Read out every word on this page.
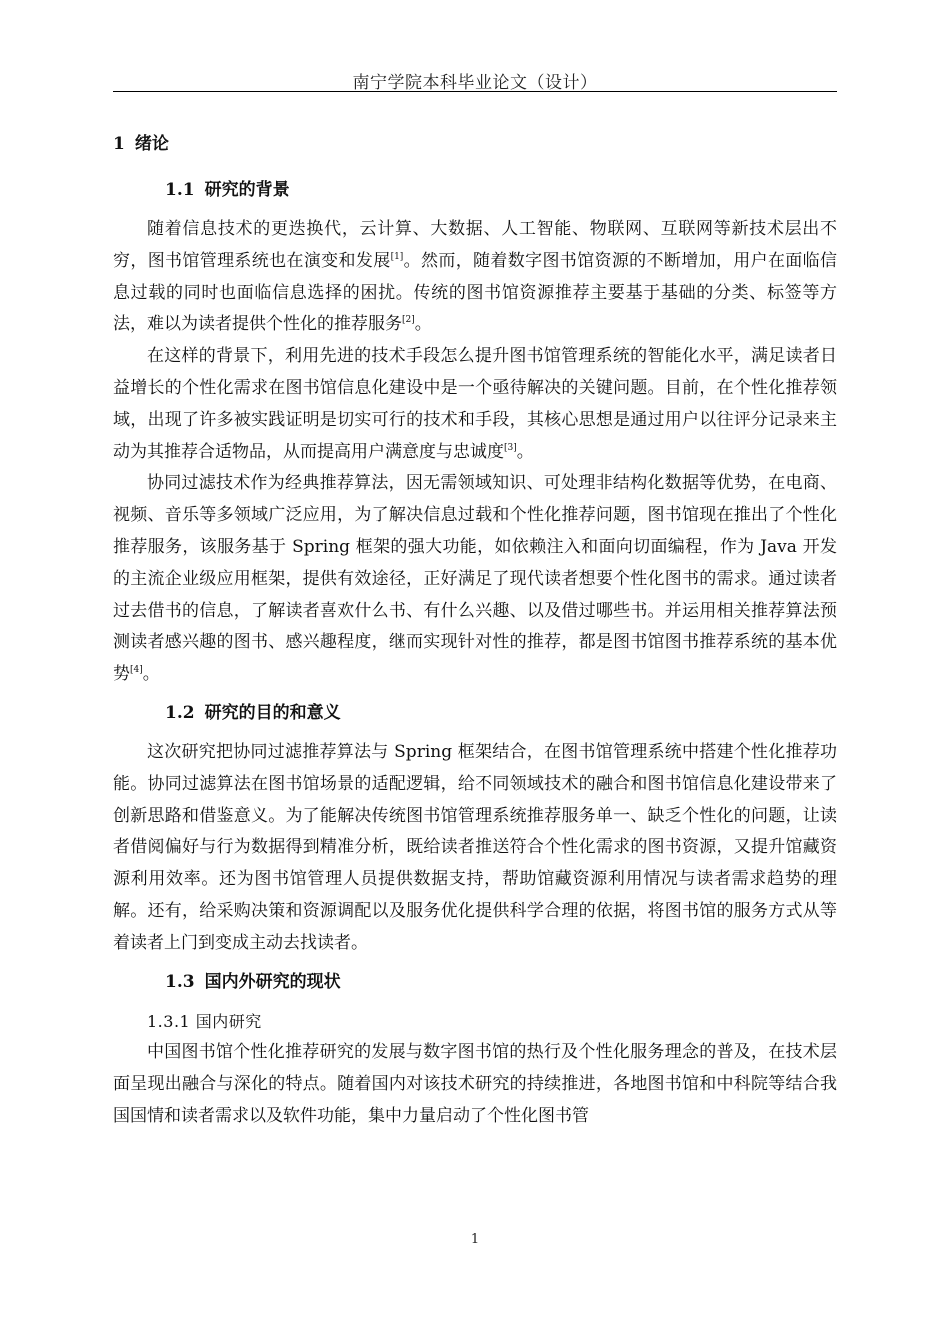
南宁学院本科毕业论文（设计）
1 绪论
1.1 研究的背景

随着信息技术的更迭换代，云计算、大数据、人工智能、物联网、互联网等新技术层出不穷，图书馆管理系统也在演变和发展[1]。然而，随着数字图书馆资源的不断增加，用户在面临信息过载的同时也面临信息选择的困扰。传统的图书馆资源推荐主要基于基础的分类、标签等方法，难以为读者提供个性化的推荐服务[2]。

在这样的背景下，利用先进的技术手段怎么提升图书馆管理系统的智能化水平，满足读者日益增长的个性化需求在图书馆信息化建设中是一个亟待解决的关键问题。目前，在个性化推荐领域，出现了许多被实践证明是切实可行的技术和手段，其核心思想是通过用户以往评分记录来主动为其推荐合适物品，从而提高用户满意度与忠诚度[3]。

协同过滤技术作为经典推荐算法，因无需领域知识、可处理非结构化数据等优势，在电商、视频、音乐等多领域广泛应用，为了解决信息过载和个性化推荐问题，图书馆现在推出了个性化推荐服务，该服务基于 Spring 框架的强大功能，如依赖注入和面向切面编程，作为 Java 开发的主流企业级应用框架，提供有效途径，正好满足了现代读者想要个性化图书的需求。通过读者过去借书的信息，了解读者喜欢什么书、有什么兴趣、以及借过哪些书。并运用相关推荐算法预测读者感兴趣的图书、感兴趣程度，继而实现针对性的推荐，都是图书馆图书推荐系统的基本优势[4]。

1.2 研究的目的和意义

这次研究把协同过滤推荐算法与 Spring 框架结合，在图书馆管理系统中搭建个性化推荐功能。协同过滤算法在图书馆场景的适配逻辑，给不同领域技术的融合和图书馆信息化建设带来了创新思路和借鉴意义。为了能解决传统图书馆管理系统推荐服务单一、缺乏个性化的问题，让读者借阅偏好与行为数据得到精准分析，既给读者推送符合个性化需求的图书资源，又提升馆藏资源利用效率。还为图书馆管理人员提供数据支持，帮助馆藏资源利用情况与读者需求趋势的理解。还有，给采购决策和资源调配以及服务优化提供科学合理的依据，将图书馆的服务方式从等着读者上门到变成主动去找读者。

1.3 国内外研究的现状
1.3.1 国内研究

中国图书馆个性化推荐研究的发展与数字图书馆的热行及个性化服务理念的普及，在技术层面呈现出融合与深化的特点。随着国内对该技术研究的持续推进，各地图书馆和中科院等结合我国国情和读者需求以及软件功能，集中力量启动了个性化图书管

1
